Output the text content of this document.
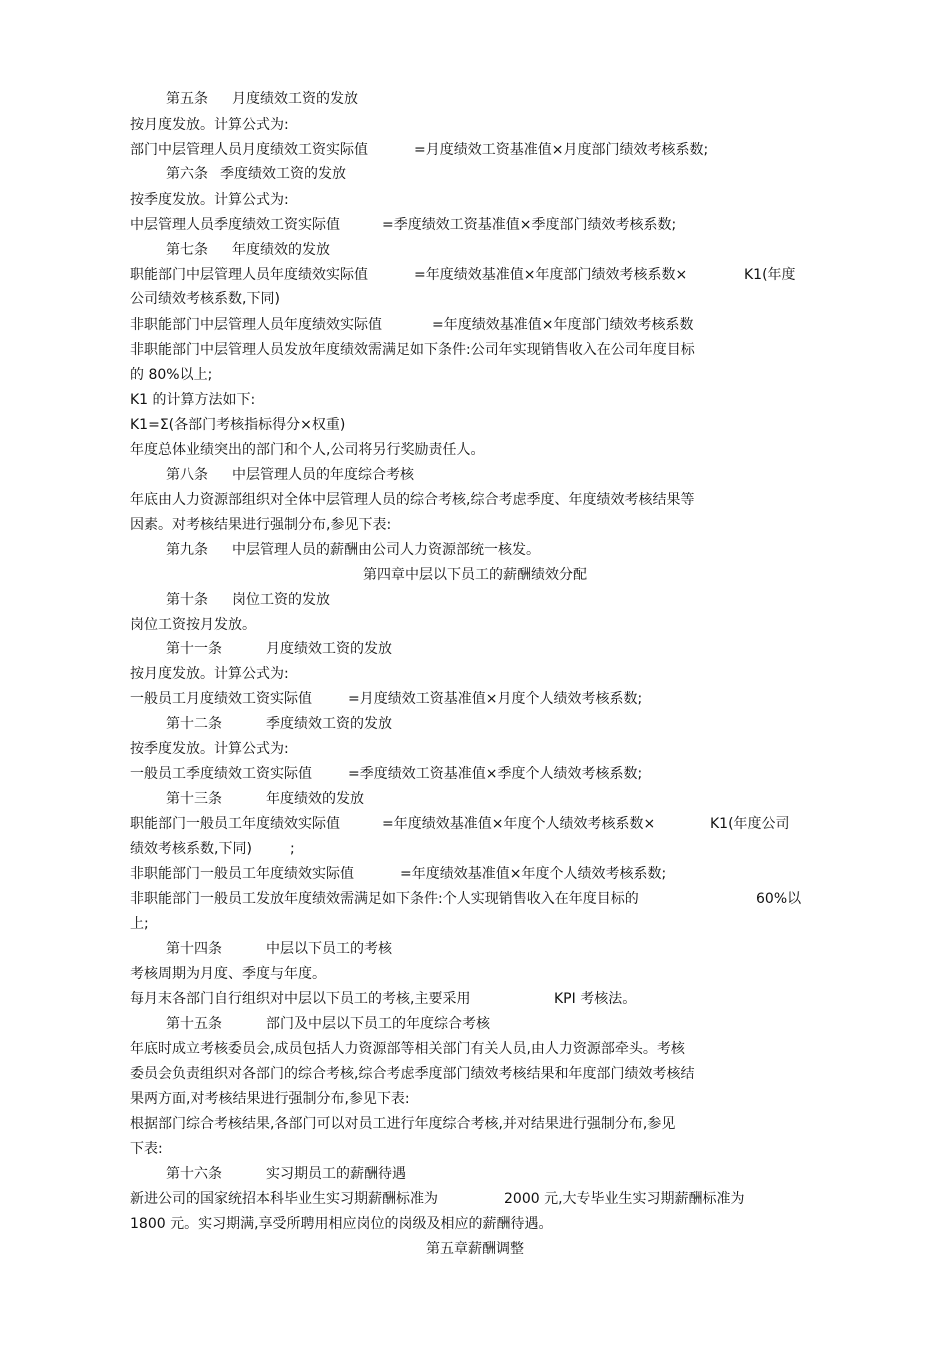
第五条 月度绩效工资的发放
按月度发放。计算公式为:
部门中层管理人员月度绩效工资实际值	=月度绩效工资基准值×月度部门绩效考核系数;
第六条 季度绩效工资的发放
按季度发放。计算公式为:
中层管理人员季度绩效工资实际值	=季度绩效工资基准值×季度部门绩效考核系数;
第七条 年度绩效的发放
职能部门中层管理人员年度绩效实际值	=年度绩效基准值×年度部门绩效考核系数×	K1(年度
公司绩效考核系数,下同)
非职能部门中层管理人员年度绩效实际值	=年度绩效基准值×年度部门绩效考核系数
非职能部门中层管理人员发放年度绩效需满足如下条件:公司年实现销售收入在公司年度目标
的 80%以上;
K1 的计算方法如下:
K1=Σ(各部门考核指标得分×权重)
年度总体业绩突出的部门和个人,公司将另行奖励责任人。
第八条 中层管理人员的年度综合考核
年底由人力资源部组织对全体中层管理人员的综合考核,综合考虑季度、年度绩效考核结果等
因素。对考核结果进行强制分布,参见下表:
第九条 中层管理人员的薪酬由公司人力资源部统一核发。
第四章中层以下员工的薪酬绩效分配
第十条 岗位工资的发放
岗位工资按月发放。
第十一条	月度绩效工资的发放
按月度发放。计算公式为:
一般员工月度绩效工资实际值	=月度绩效工资基准值×月度个人绩效考核系数;
第十二条	季度绩效工资的发放
按季度发放。计算公式为:
一般员工季度绩效工资实际值	=季度绩效工资基准值×季度个人绩效考核系数;
第十三条	年度绩效的发放
职能部门一般员工年度绩效实际值	=年度绩效基准值×年度个人绩效考核系数×	K1(年度公司
绩效考核系数,下同)	;
非职能部门一般员工年度绩效实际值	=年度绩效基准值×年度个人绩效考核系数;
非职能部门一般员工发放年度绩效需满足如下条件:个人实现销售收入在年度目标的	60%以
上;
第十四条	中层以下员工的考核
考核周期为月度、季度与年度。
每月末各部门自行组织对中层以下员工的考核,主要采用	KPI 考核法。
第十五条	部门及中层以下员工的年度综合考核
年底时成立考核委员会,成员包括人力资源部等相关部门有关人员,由人力资源部牵头。考核
委员会负责组织对各部门的综合考核,综合考虑季度部门绩效考核结果和年度部门绩效考核结
果两方面,对考核结果进行强制分布,参见下表:
根据部门综合考核结果,各部门可以对员工进行年度综合考核,并对结果进行强制分布,参见
下表:
第十六条	实习期员工的薪酬待遇
新进公司的国家统招本科毕业生实习期薪酬标准为	2000 元,大专毕业生实习期薪酬标准为
1800 元。实习期满,享受所聘用相应岗位的岗级及相应的薪酬待遇。
第五章薪酬调整
